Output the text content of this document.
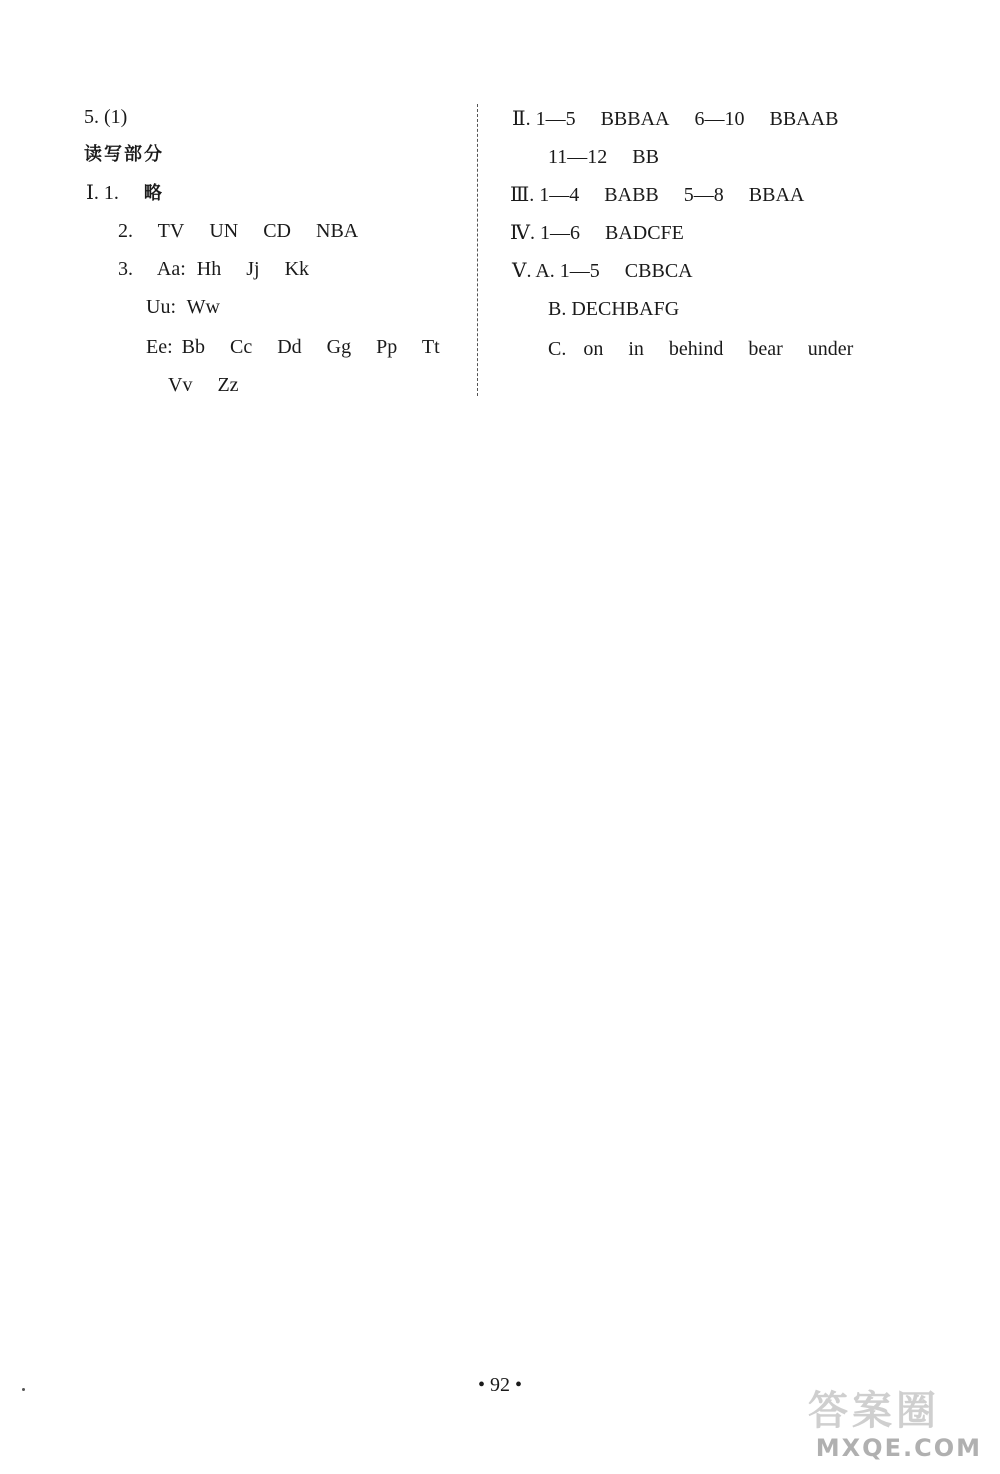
5. (1)
读写部分
Ⅰ. 1. 略
2. TV UN CD NBA
3. Aa: Hh Jj Kk
Uu: Ww
Ee: Bb Cc Dd Gg Pp Tt
Vv Zz
Ⅱ. 1—5 BBBAA 6—10 BBAAB
11—12 BB
Ⅲ. 1—4 BABB 5—8 BBAA
Ⅳ. 1—6 BADCFE
Ⅴ. A. 1—5 CBBCA
B. DECHBAFG
C. on in behind bear under
• 92 •
答案圈
MXQE.COM
